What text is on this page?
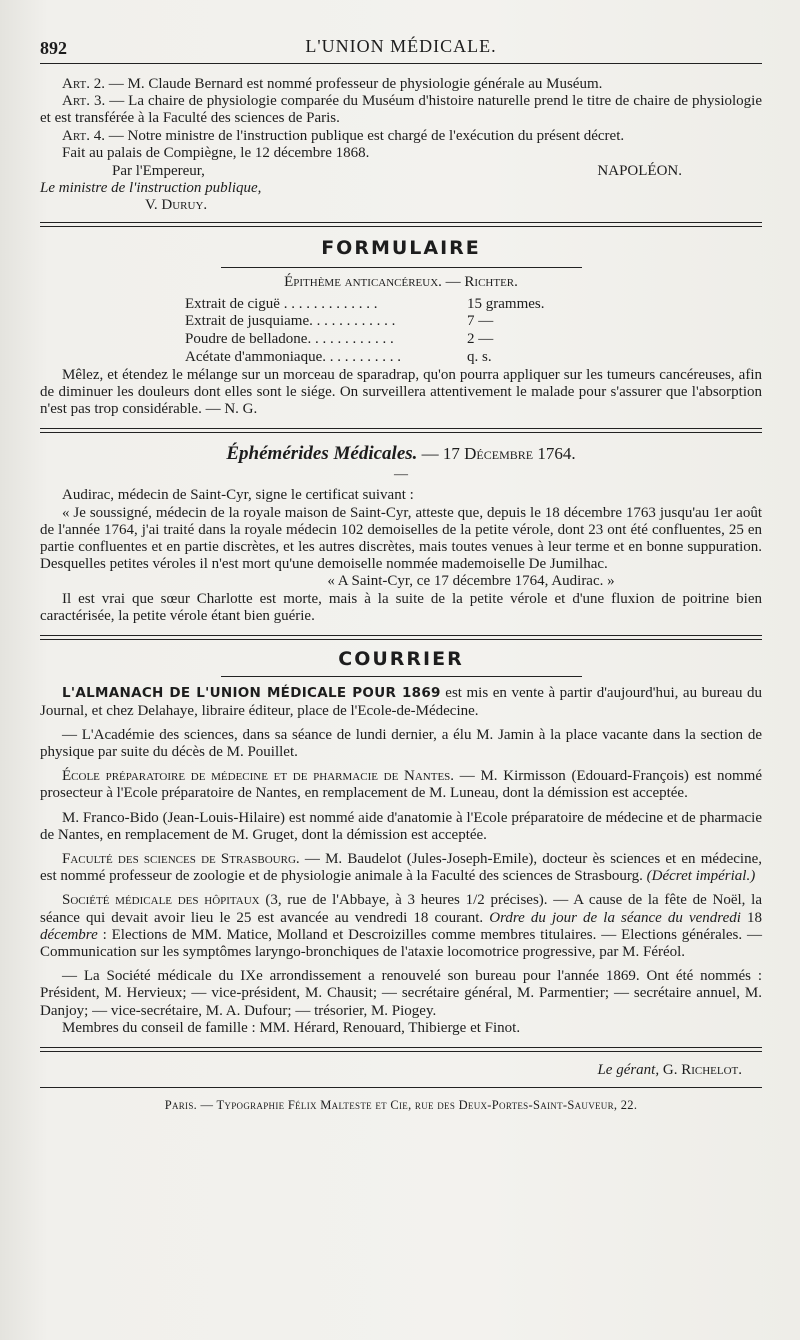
892	L'UNION MÉDICALE.

Art. 2. — M. Claude Bernard est nommé professeur de physiologie générale au Muséum.

Art. 3. — La chaire de physiologie comparée du Muséum d'histoire naturelle prend le titre de chaire de physiologie et est transférée à la Faculté des sciences de Paris.

Art. 4. — Notre ministre de l'instruction publique est chargé de l'exécution du présent décret.

Fait au palais de Compiègne, le 12 décembre 1868.

Par l'Empereur,	NAPOLÉON.

Le ministre de l'instruction publique,

V. Duruy.

FORMULAIRE

Épithème anticancéreux. — Richter.

Extrait de ciguë . . . . . . . . . . . . .	15 grammes.
Extrait de jusquiame. . . . . . . . . . . .	7 —
Poudre de belladone. . . . . . . . . . . .	2 —
Acétate d'ammoniaque. . . . . . . . . . .	q. s.

Mêlez, et étendez le mélange sur un morceau de sparadrap, qu'on pourra appliquer sur les tumeurs cancéreuses, afin de diminuer les douleurs dont elles sont le siége. On surveillera attentivement le malade pour s'assurer que l'absorption n'est pas trop considérable. — N. G.

Éphémérides Médicales. — 17 Décembre 1764.
—

Audirac, médecin de Saint-Cyr, signe le certificat suivant :

« Je soussigné, médecin de la royale maison de Saint-Cyr, atteste que, depuis le 18 décembre 1763 jusqu'au 1er août de l'année 1764, j'ai traité dans la royale médecin 102 demoiselles de la petite vérole, dont 23 ont été confluentes, 25 en partie confluentes et en partie discrètes, et les autres discrètes, mais toutes venues à leur terme et en bonne suppuration. Desquelles petites véroles il n'est mort qu'une demoiselle nommée mademoiselle De Jumilhac.

« A Saint-Cyr, ce 17 décembre 1764, Audirac. »

Il est vrai que sœur Charlotte est morte, mais à la suite de la petite vérole et d'une fluxion de poitrine bien caractérisée, la petite vérole étant bien guérie.

COURRIER

L'ALMANACH DE L'UNION MÉDICALE POUR 1869 est mis en vente à partir d'aujourd'hui, au bureau du Journal, et chez Delahaye, libraire éditeur, place de l'Ecole-de-Médecine.

— L'Académie des sciences, dans sa séance de lundi dernier, a élu M. Jamin à la place vacante dans la section de physique par suite du décès de M. Pouillet.

École préparatoire de médecine et de pharmacie de Nantes. — M. Kirmisson (Edouard-François) est nommé prosecteur à l'Ecole préparatoire de Nantes, en remplacement de M. Luneau, dont la démission est acceptée.

M. Franco-Bido (Jean-Louis-Hilaire) est nommé aide d'anatomie à l'Ecole préparatoire de médecine et de pharmacie de Nantes, en remplacement de M. Gruget, dont la démission est acceptée.

Faculté des sciences de Strasbourg. — M. Baudelot (Jules-Joseph-Emile), docteur ès sciences et en médecine, est nommé professeur de zoologie et de physiologie animale à la Faculté des sciences de Strasbourg. (Décret impérial.)

Société médicale des hôpitaux (3, rue de l'Abbaye, à 3 heures 1/2 précises). — A cause de la fête de Noël, la séance qui devait avoir lieu le 25 est avancée au vendredi 18 courant. Ordre du jour de la séance du vendredi 18 décembre : Elections de MM. Matice, Molland et Descroizilles comme membres titulaires. — Elections générales. — Communication sur les symptômes laryngo-bronchiques de l'ataxie locomotrice progressive, par M. Féréol.

— La Société médicale du IXe arrondissement a renouvelé son bureau pour l'année 1869. Ont été nommés : Président, M. Hervieux; — vice-président, M. Chausit; — secrétaire général, M. Parmentier; — secrétaire annuel, M. Danjoy; — vice-secrétaire, M. A. Dufour; — trésorier, M. Piogey.

Membres du conseil de famille : MM. Hérard, Renouard, Thibierge et Finot.

Le gérant, G. Richelot.
Paris. — Typographie Félix Malteste et Cie, rue des Deux-Portes-Saint-Sauveur, 22.
